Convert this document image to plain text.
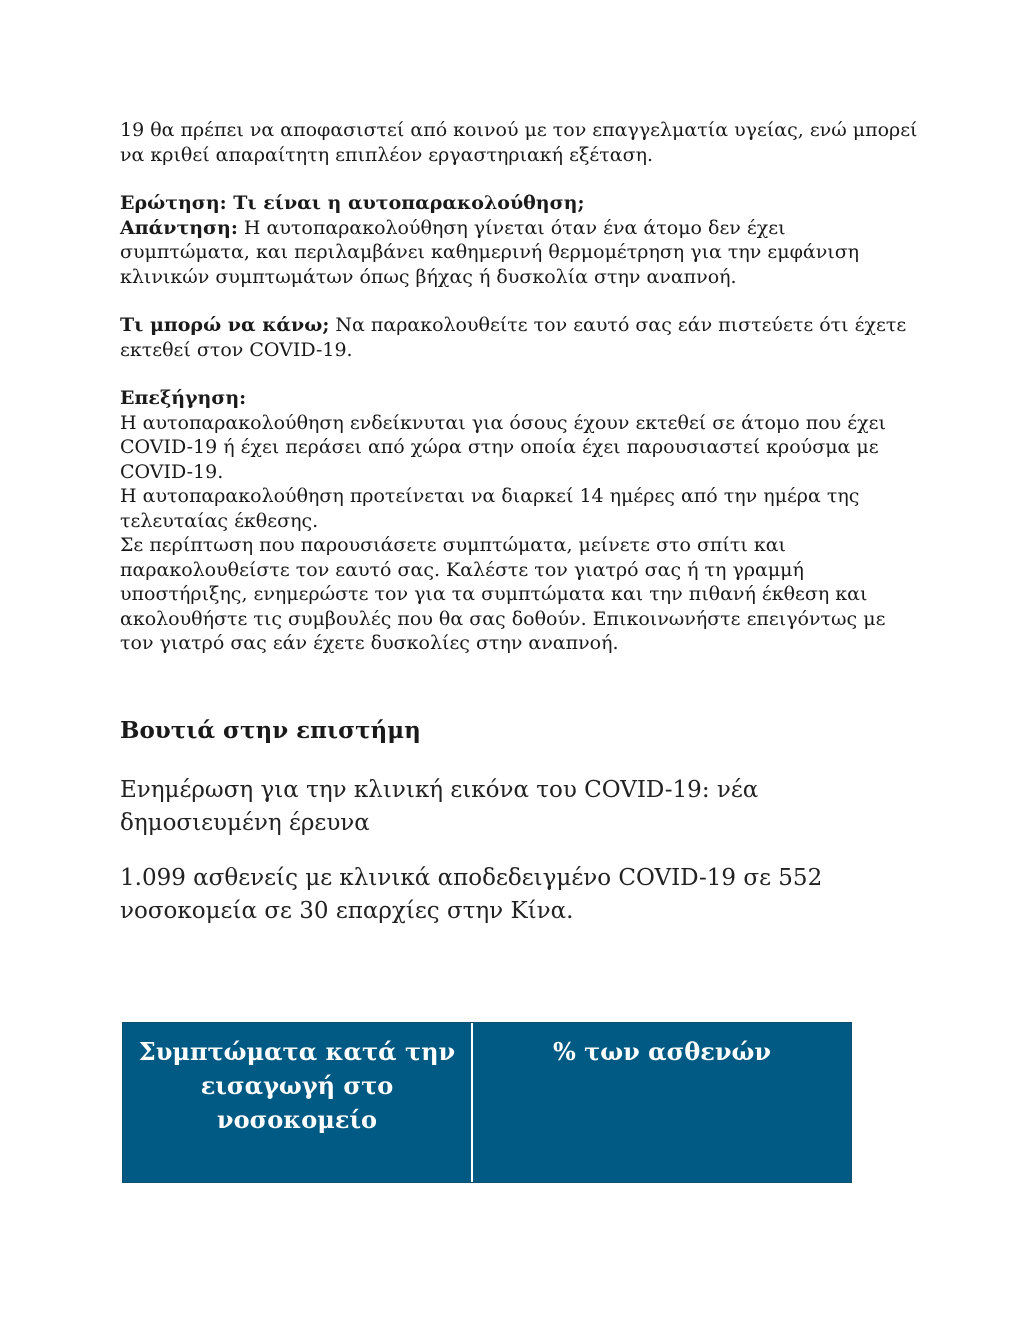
19 θα πρέπει να αποφασιστεί από κοινού με τον επαγγελματία υγείας, ενώ μπορεί να κριθεί απαραίτητη επιπλέον εργαστηριακή εξέταση.

Ερώτηση: Τι είναι η αυτοπαρακολούθηση;
Απάντηση: Η αυτοπαρακολούθηση γίνεται όταν ένα άτομο δεν έχει συμπτώματα, και περιλαμβάνει καθημερινή θερμομέτρηση για την εμφάνιση κλινικών συμπτωμάτων όπως βήχας ή δυσκολία στην αναπνοή.

Τι μπορώ να κάνω; Να παρακολουθείτε τον εαυτό σας εάν πιστεύετε ότι έχετε εκτεθεί στον COVID-19.

Επεξήγηση:
Η αυτοπαρακολούθηση ενδείκνυται για όσους έχουν εκτεθεί σε άτομο που έχει COVID-19 ή έχει περάσει από χώρα στην οποία έχει παρουσιαστεί κρούσμα με COVID-19.
Η αυτοπαρακολούθηση προτείνεται να διαρκεί 14 ημέρες από την ημέρα της τελευταίας έκθεσης.
Σε περίπτωση που παρουσιάσετε συμπτώματα, μείνετε στο σπίτι και παρακολουθείστε τον εαυτό σας. Καλέστε τον γιατρό σας ή τη γραμμή υποστήριξης, ενημερώστε τον για τα συμπτώματα και την πιθανή έκθεση και ακολουθήστε τις συμβουλές που θα σας δοθούν. Επικοινωνήστε επειγόντως με τον γιατρό σας εάν έχετε δυσκολίες στην αναπνοή.

Βουτιά στην επιστήμη

Ενημέρωση για την κλινική εικόνα του COVID-19: νέα δημοσιευμένη έρευνα

1.099 ασθενείς με κλινικά αποδεδειγμένο COVID-19 σε 552 νοσοκομεία σε 30 επαρχίες στην Κίνα.

Συμπτώματα κατά την εισαγωγή στο νοσοκομείο
% των ασθενών
